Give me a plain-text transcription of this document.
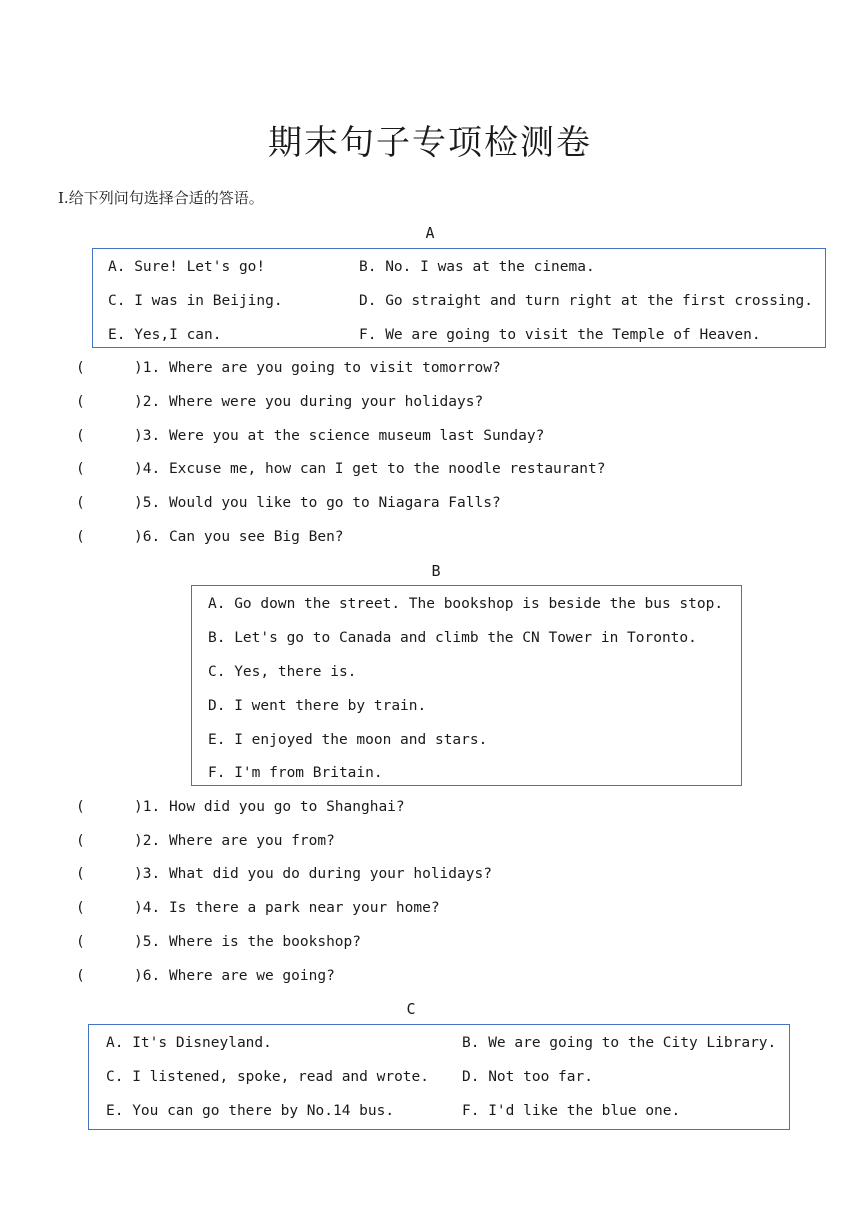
期末句子专项检测卷
Ⅰ.给下列问句选择合适的答语。
A
A. Sure! Let's go!	B. No. I was at the cinema.
C. I was in Beijing.	D. Go straight and turn right at the first crossing.
E. Yes,I can.	F. We are going to visit the Temple of Heaven.
(	)1. Where are you going to visit tomorrow?
(	)2. Where were you during your holidays?
(	)3. Were you at the science museum last Sunday?
(	)4. Excuse me, how can I get to the noodle restaurant?
(	)5. Would you like to go to Niagara Falls?
(	)6. Can you see Big Ben?
B
A. Go down the street. The bookshop is beside the bus stop.
B. Let's go to Canada and climb the CN Tower in Toronto.
C. Yes, there is.
D. I went there by train.
E. I enjoyed the moon and stars.
F. I'm from Britain.
(	)1. How did you go to Shanghai?
(	)2. Where are you from?
(	)3. What did you do during your holidays?
(	)4. Is there a park near your home?
(	)5. Where is the bookshop?
(	)6. Where are we going?
C
A. It's Disneyland.	B. We are going to the City Library.
C. I listened, spoke, read and wrote. D. Not too far.
E. You can go there by No.14 bus.	F. I'd like the blue one.
